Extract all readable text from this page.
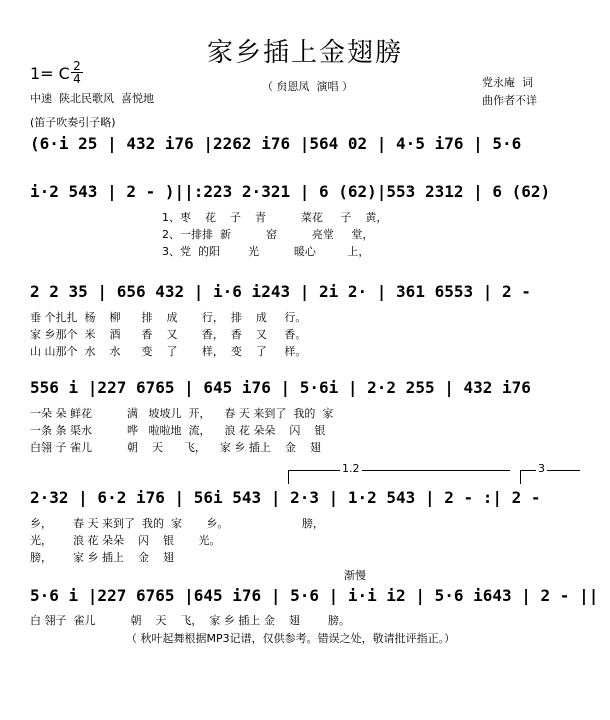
家乡插上金翅膀
1= C $\frac{2}{4}$
中速  陕北民歌风  喜悦地
（ 贠恩凤  演唱 ）	党永庵  词
曲作者不详
(笛子吹奏引子略)
(6·i 25 | 432 i76 |2262 i76 |564 02 | 4·5 i76 | 5·6
i·2 543 | 2 - )||:223 2·321 | 6 (62)|553 2312 | 6 (62)
1、枣    花    子    青          菜花     子    黄，
2、一排排  新          窑          亮堂     堂，
3、党  的阳        光          暖心         上，
2 2 35 | 656 432 | i·6 i243 | 2i 2· | 361 6553 | 2 -
垂 个扎扎  杨    柳      排    成       行，  排    成     行。
家 乡那个  米    酒      香    又       香，  香    又     香。
山 山那个  水    水      变    了       样，  变    了     样。
556 i |227 6765 | 645 i76 | 5·6i | 2·2 255 | 432 i76
一朵 朵 鲜花          满   坡坡儿  开，    春 天 来到了  我的  家
一条 条 渠水          哗   啦啦地  流，    浪 花 朵朵    闪    银
白翎 子 雀儿          朝    天      飞，    家 乡 插上    金    翅
1.2	3
2·32 | 6·2 i76 | 56i 543 | 2·3 | 1·2 543 | 2 - :| 2 -
乡，      春 天 来到了  我的  家       乡。                     膀，
光，      浪 花 朵朵    闪    银       光。
膀，      家 乡 插上    金    翅
渐慢
5·6 i |227 6765 |645 i76 | 5·6 | i·i i2 | 5·6 i643 | 2 - ||
白 翎子  雀儿          朝    天    飞，  家 乡 插上 金    翅        膀。
（ 秋叶起舞根据MP3记谱，仅供参考。错误之处，敬请批评指正。）
